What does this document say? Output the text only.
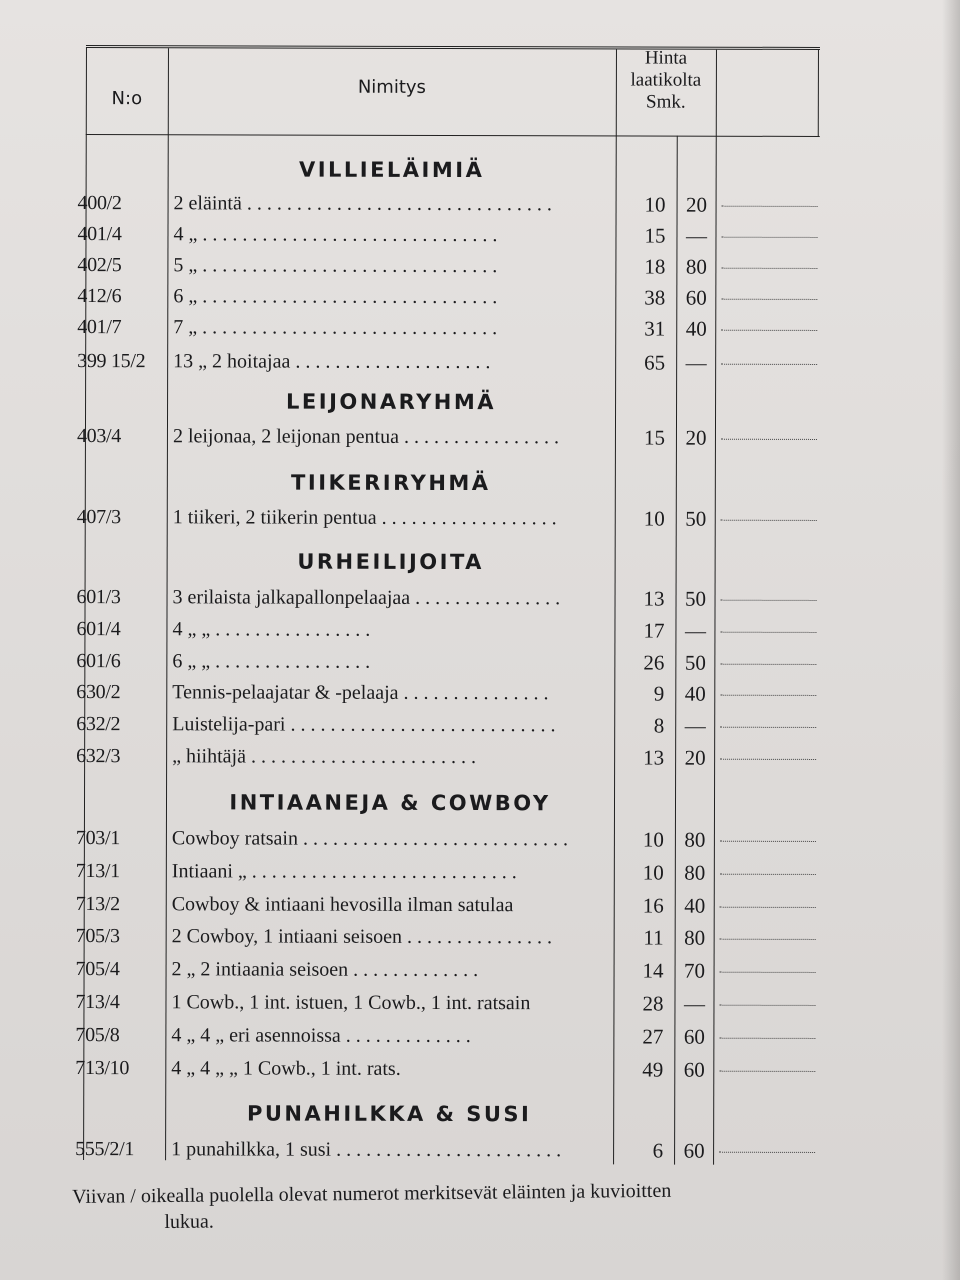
N:o
Nimitys
Hinta
laatikolta
Smk.
VILLIELÄIMIÄ
400/2	2 eläintä . . . . . . . . . . . . . . . . . . . . . . . . . . . . . . .	10 20
401/4	4 „ . . . . . . . . . . . . . . . . . . . . . . . . . . . . . .	15 —
402/5	5 „ . . . . . . . . . . . . . . . . . . . . . . . . . . . . . .	18 80
412/6	6 „ . . . . . . . . . . . . . . . . . . . . . . . . . . . . . .	38 60
401/7	7 „ . . . . . . . . . . . . . . . . . . . . . . . . . . . . . .	31 40
399 15/2	13 „ 2 hoitajaa . . . . . . . . . . . . . . . . . . . .	65 —
LEIJONARYHMÄ
403/4	2 leijonaa, 2 leijonan pentua . . . . . . . . . . . . . . . .	15 20
TIIKERIRYHMÄ
407/3	1 tiikeri, 2 tiikerin pentua . . . . . . . . . . . . . . . . . .	10 50
URHEILIJOITA
601/3	3 erilaista jalkapallonpelaajaa . . . . . . . . . . . . . . .	13 50
601/4	4 „ „ . . . . . . . . . . . . . . . .	17 —
601/6	6 „ „ . . . . . . . . . . . . . . . .	26 50
630/2	Tennis-pelaajatar & -pelaaja . . . . . . . . . . . . . . .	9 40
632/2	Luistelija-pari . . . . . . . . . . . . . . . . . . . . . . . . . . .	8 —
632/3	„ hiihtäjä . . . . . . . . . . . . . . . . . . . . . . .	13 20
INTIAANEJA & COWBOY
703/1	Cowboy ratsain . . . . . . . . . . . . . . . . . . . . . . . . . . .	10 80
713/1	Intiaani „ . . . . . . . . . . . . . . . . . . . . . . . . . . .	10 80
713/2	Cowboy & intiaani hevosilla ilman satulaa	16 40
705/3	2 Cowboy, 1 intiaani seisoen . . . . . . . . . . . . . . .	11 80
705/4	2 „ 2 intiaania seisoen . . . . . . . . . . . . .	14 70
713/4	1 Cowb., 1 int. istuen, 1 Cowb., 1 int. ratsain	28 —
705/8	4 „ 4 „ eri asennoissa . . . . . . . . . . . . .	27 60
713/10	4 „ 4 „ „ 1 Cowb., 1 int. rats.	49 60
PUNAHILKKA & SUSI
555/2/1	1 punahilkka, 1 susi . . . . . . . . . . . . . . . . . . . . . . .	6 60
Viivan / oikealla puolella olevat numerot merkitsevät eläinten ja kuvioitten
lukua.
